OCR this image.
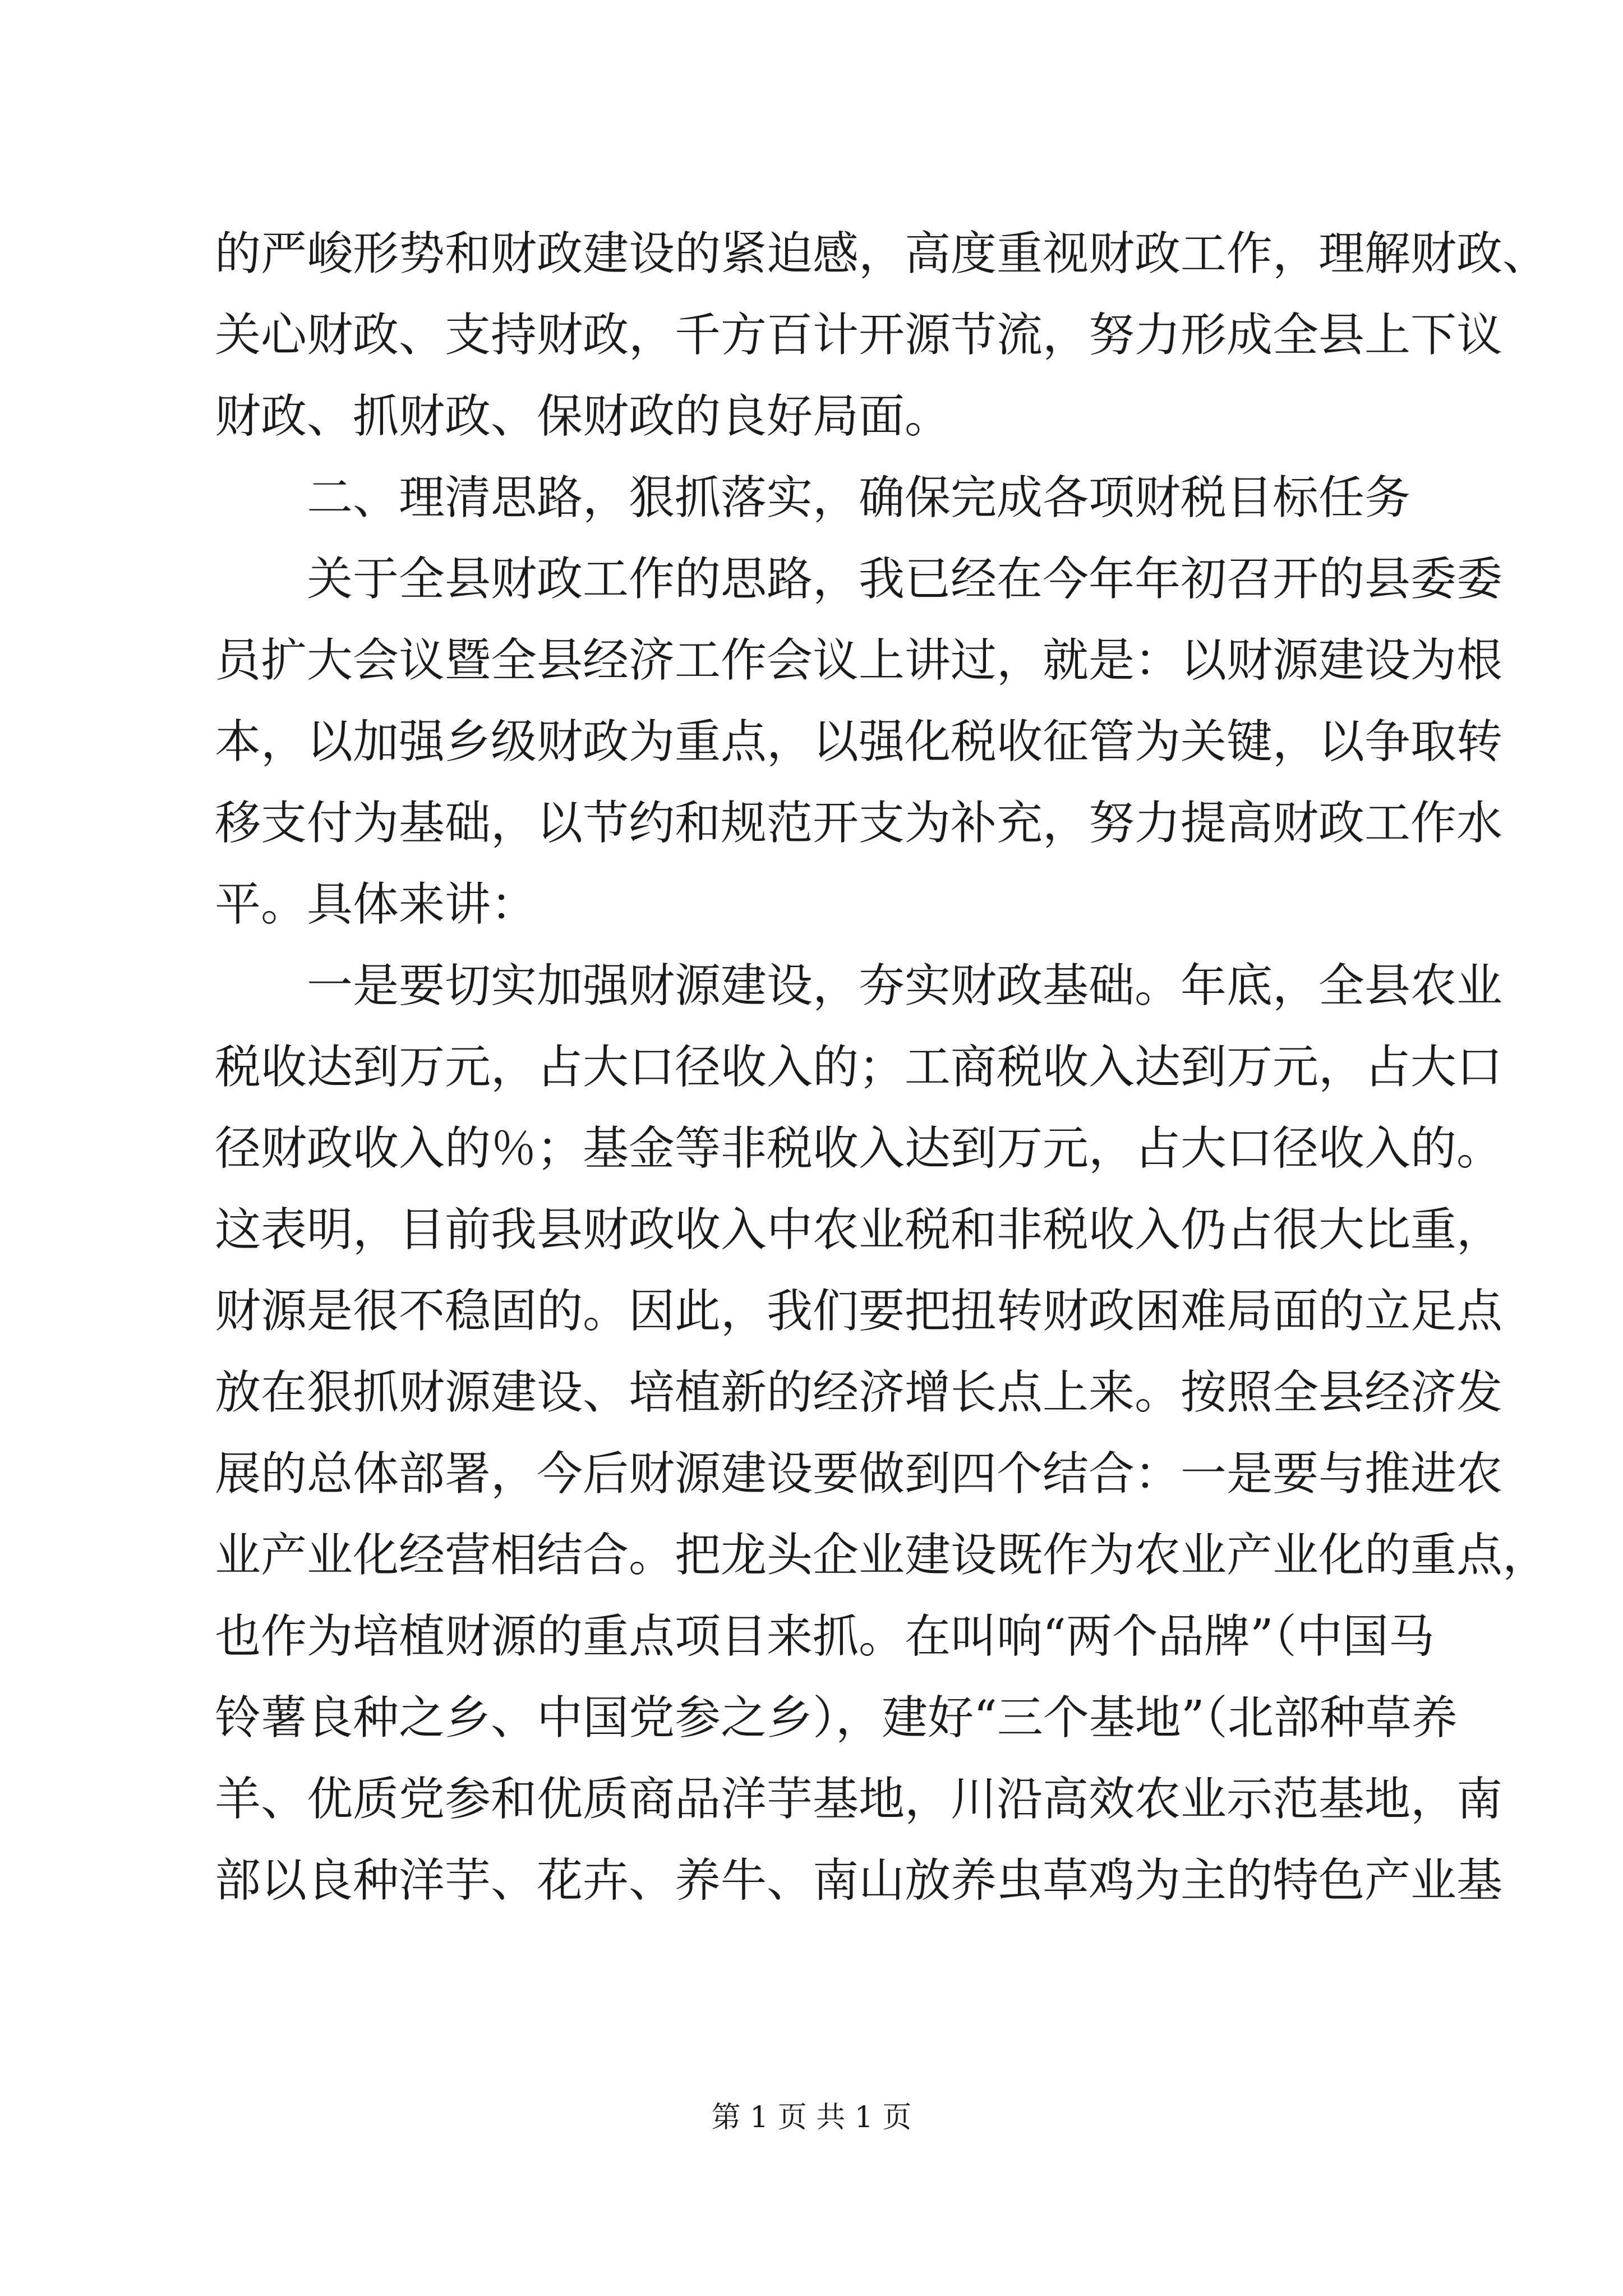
的严峻形势和财政建设的紧迫感，高度重视财政工作，理解财政、

关心财政、支持财政，千方百计开源节流，努力形成全县上下议

财政、抓财政、保财政的良好局面。

二、理清思路，狠抓落实，确保完成各项财税目标任务

关于全县财政工作的思路，我已经在今年年初召开的县委委

员扩大会议暨全县经济工作会议上讲过，就是：以财源建设为根

本，以加强乡级财政为重点，以强化税收征管为关键，以争取转

移支付为基础，以节约和规范开支为补充，努力提高财政工作水

平。具体来讲：

一是要切实加强财源建设，夯实财政基础。年底，全县农业

税收达到万元，占大口径收入的；工商税收入达到万元，占大口

径财政收入的％；基金等非税收入达到万元，占大口径收入的。

这表明，目前我县财政收入中农业税和非税收入仍占很大比重，

财源是很不稳固的。因此，我们要把扭转财政困难局面的立足点

放在狠抓财源建设、培植新的经济增长点上来。按照全县经济发

展的总体部署，今后财源建设要做到四个结合：一是要与推进农

业产业化经营相结合。把龙头企业建设既作为农业产业化的重点，

也作为培植财源的重点项目来抓。在叫响“两个品牌”（中国马

铃薯良种之乡、中国党参之乡），建好“三个基地”（北部种草养

羊、优质党参和优质商品洋芋基地，川沿高效农业示范基地，南

部以良种洋芋、花卉、养牛、南山放养虫草鸡为主的特色产业基

第 1 页 共 1 页
